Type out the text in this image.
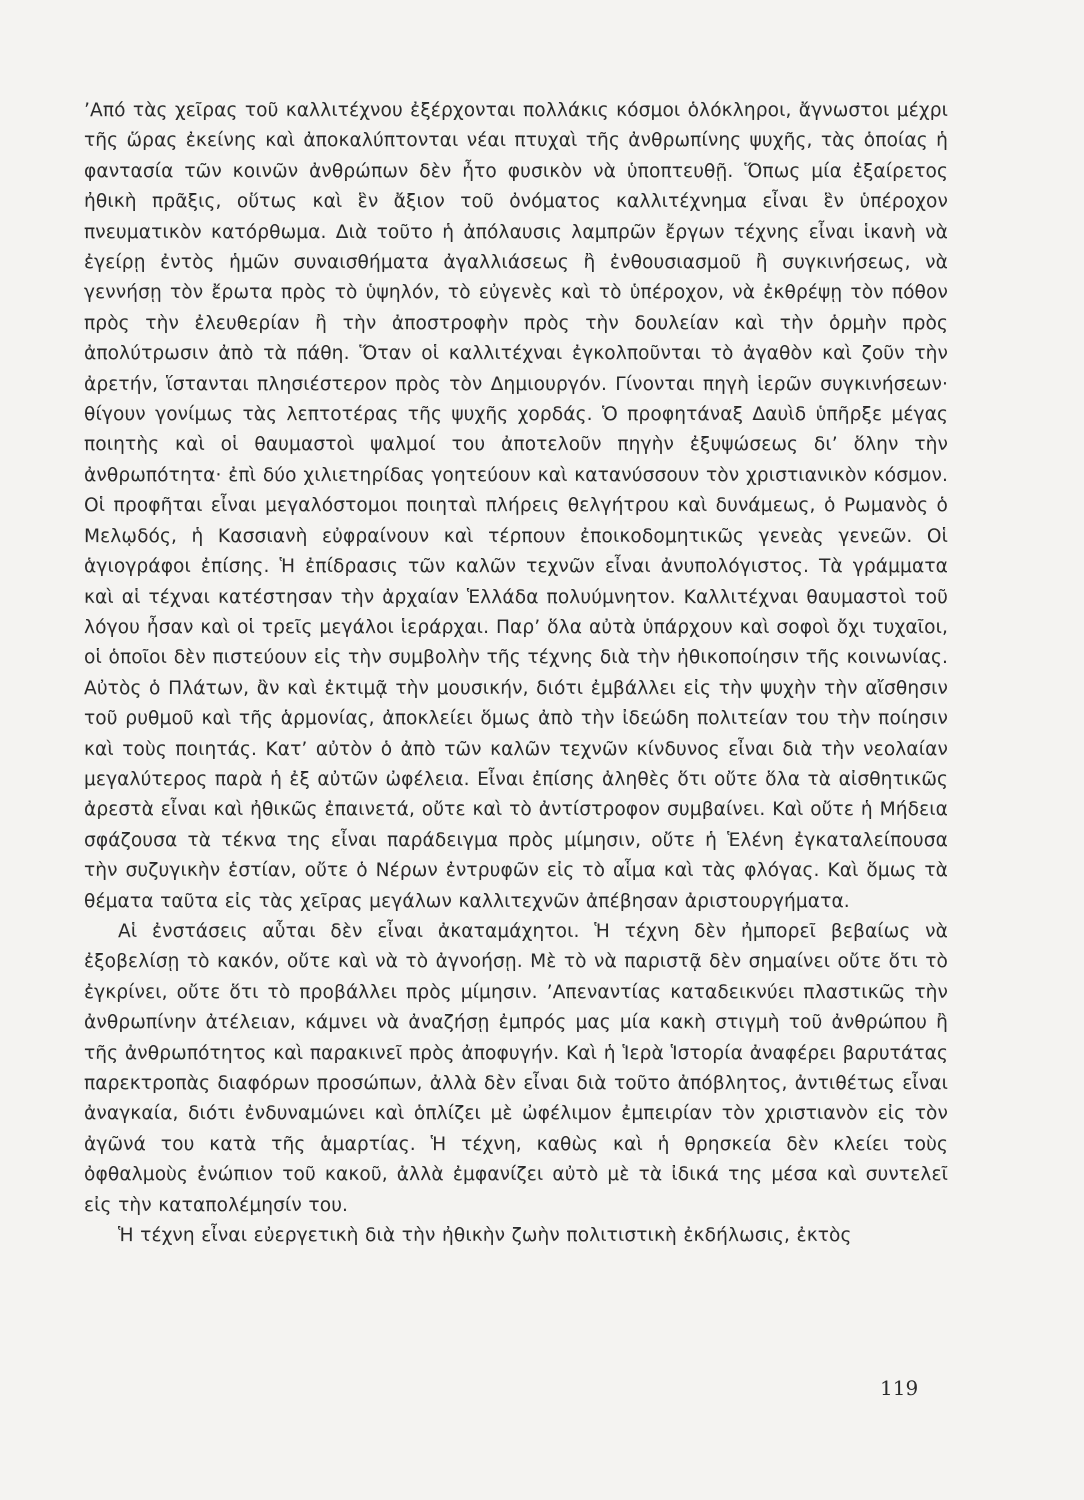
’Από τὰς χεῖρας τοῦ καλλιτέχνου ἐξέρχονται πολλάκις κόσμοι ὁλόκληροι, ἄγνωστοι μέχρι τῆς ὥρας ἐκείνης καὶ ἀποκαλύπτονται νέαι πτυχαὶ τῆς ἀνθρωπίνης ψυχῆς, τὰς ὁποίας ἡ φαντασία τῶν κοινῶν ἀνθρώπων δὲν ἦτο φυσικὸν νὰ ὑποπτευθῇ. Ὅπως μία ἐξαίρετος ἠθικὴ πρᾶξις, οὕτως καὶ ἓν ἄξιον τοῦ ὀνόματος καλλιτέχνημα εἶναι ἓν ὑπέροχον πνευματικὸν κατόρθωμα. Διὰ τοῦτο ἡ ἀπόλαυσις λαμπρῶν ἔργων τέχνης εἶναι ἱκανὴ νὰ ἐγείρῃ ἐντὸς ἡμῶν συναισθήματα ἀγαλλιάσεως ἢ ἐνθουσιασμοῦ ἢ συγκινήσεως, νὰ γεννήσῃ τὸν ἔρωτα πρὸς τὸ ὑψηλόν, τὸ εὐγενὲς καὶ τὸ ὑπέροχον, νὰ ἐκθρέψῃ τὸν πόθον πρὸς τὴν ἐλευθερίαν ἢ τὴν ἀποστροφὴν πρὸς τὴν δουλείαν καὶ τὴν ὁρμὴν πρὸς ἀπολύτρωσιν ἀπὸ τὰ πάθη. Ὅταν οἱ καλλιτέχναι ἐγκολποῦνται τὸ ἀγαθὸν καὶ ζοῦν τὴν ἀρετήν, ἵστανται πλησιέστερον πρὸς τὸν Δημιουργόν. Γίνονται πηγὴ ἱερῶν συγκινήσεων· θίγουν γονίμως τὰς λεπτοτέρας τῆς ψυχῆς χορδάς. Ὁ προφητάναξ Δαυὶδ ὑπῆρξε μέγας ποιητὴς καὶ οἱ θαυμαστοὶ ψαλμοί του ἀποτελοῦν πηγὴν ἐξυψώσεως δι’ ὅλην τὴν ἀνθρωπότητα· ἐπὶ δύο χιλιετηρίδας γοητεύουν καὶ κατανύσσουν τὸν χριστιανικὸν κόσμον. Οἱ προφῆται εἶναι μεγαλόστομοι ποιηταὶ πλήρεις θελγήτρου καὶ δυνάμεως, ὁ Ρωμανὸς ὁ Μελῳδός, ἡ Κασσιανὴ εὐφραίνουν καὶ τέρπουν ἐποικοδομητικῶς γενεὰς γενεῶν. Οἱ ἁγιογράφοι ἐπίσης. Ἡ ἐπίδρασις τῶν καλῶν τεχνῶν εἶναι ἀνυπολόγιστος. Τὰ γράμματα καὶ αἱ τέχναι κατέστησαν τὴν ἀρχαίαν Ἑλλάδα πολυύμνητον. Καλλιτέχναι θαυμαστοὶ τοῦ λόγου ἦσαν καὶ οἱ τρεῖς μεγάλοι ἱεράρχαι. Παρ’ ὅλα αὐτὰ ὑπάρχουν καὶ σοφοὶ ὄχι τυχαῖοι, οἱ ὁποῖοι δὲν πιστεύουν εἰς τὴν συμβολὴν τῆς τέχνης διὰ τὴν ἠθικοποίησιν τῆς κοινωνίας. Αὐτὸς ὁ Πλάτων, ἂν καὶ ἐκτιμᾷ τὴν μουσικήν, διότι ἐμβάλλει εἰς τὴν ψυχὴν τὴν αἴσθησιν τοῦ ρυθμοῦ καὶ τῆς ἁρμονίας, ἀποκλείει ὅμως ἀπὸ τὴν ἰδεώδη πολιτείαν του τὴν ποίησιν καὶ τοὺς ποιητάς. Κατ’ αὐτὸν ὁ ἀπὸ τῶν καλῶν τεχνῶν κίνδυνος εἶναι διὰ τὴν νεολαίαν μεγαλύτερος παρὰ ἡ ἐξ αὐτῶν ὠφέλεια. Εἶναι ἐπίσης ἀληθὲς ὅτι οὔτε ὅλα τὰ αἰσθητικῶς ἀρεστὰ εἶναι καὶ ἠθικῶς ἐπαινετά, οὔτε καὶ τὸ ἀντίστροφον συμβαίνει. Καὶ οὔτε ἡ Μήδεια σφάζουσα τὰ τέκνα της εἶναι παράδειγμα πρὸς μίμησιν, οὔτε ἡ Ἑλένη ἐγκαταλείπουσα τὴν συζυγικὴν ἑστίαν, οὔτε ὁ Νέρων ἐντρυφῶν εἰς τὸ αἷμα καὶ τὰς φλόγας. Καὶ ὅμως τὰ θέματα ταῦτα εἰς τὰς χεῖρας μεγάλων καλλιτεχνῶν ἀπέβησαν ἀριστουργήματα.

Αἱ ἐνστάσεις αὗται δὲν εἶναι ἀκαταμάχητοι. Ἡ τέχνη δὲν ἠμπορεῖ βεβαίως νὰ ἐξοβελίσῃ τὸ κακόν, οὔτε καὶ νὰ τὸ ἀγνοήσῃ. Μὲ τὸ νὰ παριστᾷ δὲν σημαίνει οὔτε ὅτι τὸ ἐγκρίνει, οὔτε ὅτι τὸ προβάλλει πρὸς μίμησιν. ’Απεναντίας καταδεικνύει πλαστικῶς τὴν ἀνθρωπίνην ἀτέλειαν, κάμνει νὰ ἀναζήσῃ ἐμπρός μας μία κακὴ στιγμὴ τοῦ ἀνθρώπου ἢ τῆς ἀνθρωπότητος καὶ παρακινεῖ πρὸς ἀποφυγήν. Καὶ ἡ Ἱερὰ Ἱστορία ἀναφέρει βαρυτάτας παρεκτροπὰς διαφόρων προσώπων, ἀλλὰ δὲν εἶναι διὰ τοῦτο ἀπόβλητος, ἀντιθέτως εἶναι ἀναγκαία, διότι ἐνδυναμώνει καὶ ὁπλίζει μὲ ὠφέλιμον ἐμπειρίαν τὸν χριστιανὸν εἰς τὸν ἀγῶνά του κατὰ τῆς ἁμαρτίας. Ἡ τέχνη, καθὼς καὶ ἡ θρησκεία δὲν κλείει τοὺς ὀφθαλμοὺς ἐνώπιον τοῦ κακοῦ, ἀλλὰ ἐμφανίζει αὐτὸ μὲ τὰ ἰδικά της μέσα καὶ συντελεῖ εἰς τὴν καταπολέμησίν του.

Ἡ τέχνη εἶναι εὐεργετικὴ διὰ τὴν ἠθικὴν ζωὴν πολιτιστικὴ ἐκδήλωσις, ἐκτὸς

119
